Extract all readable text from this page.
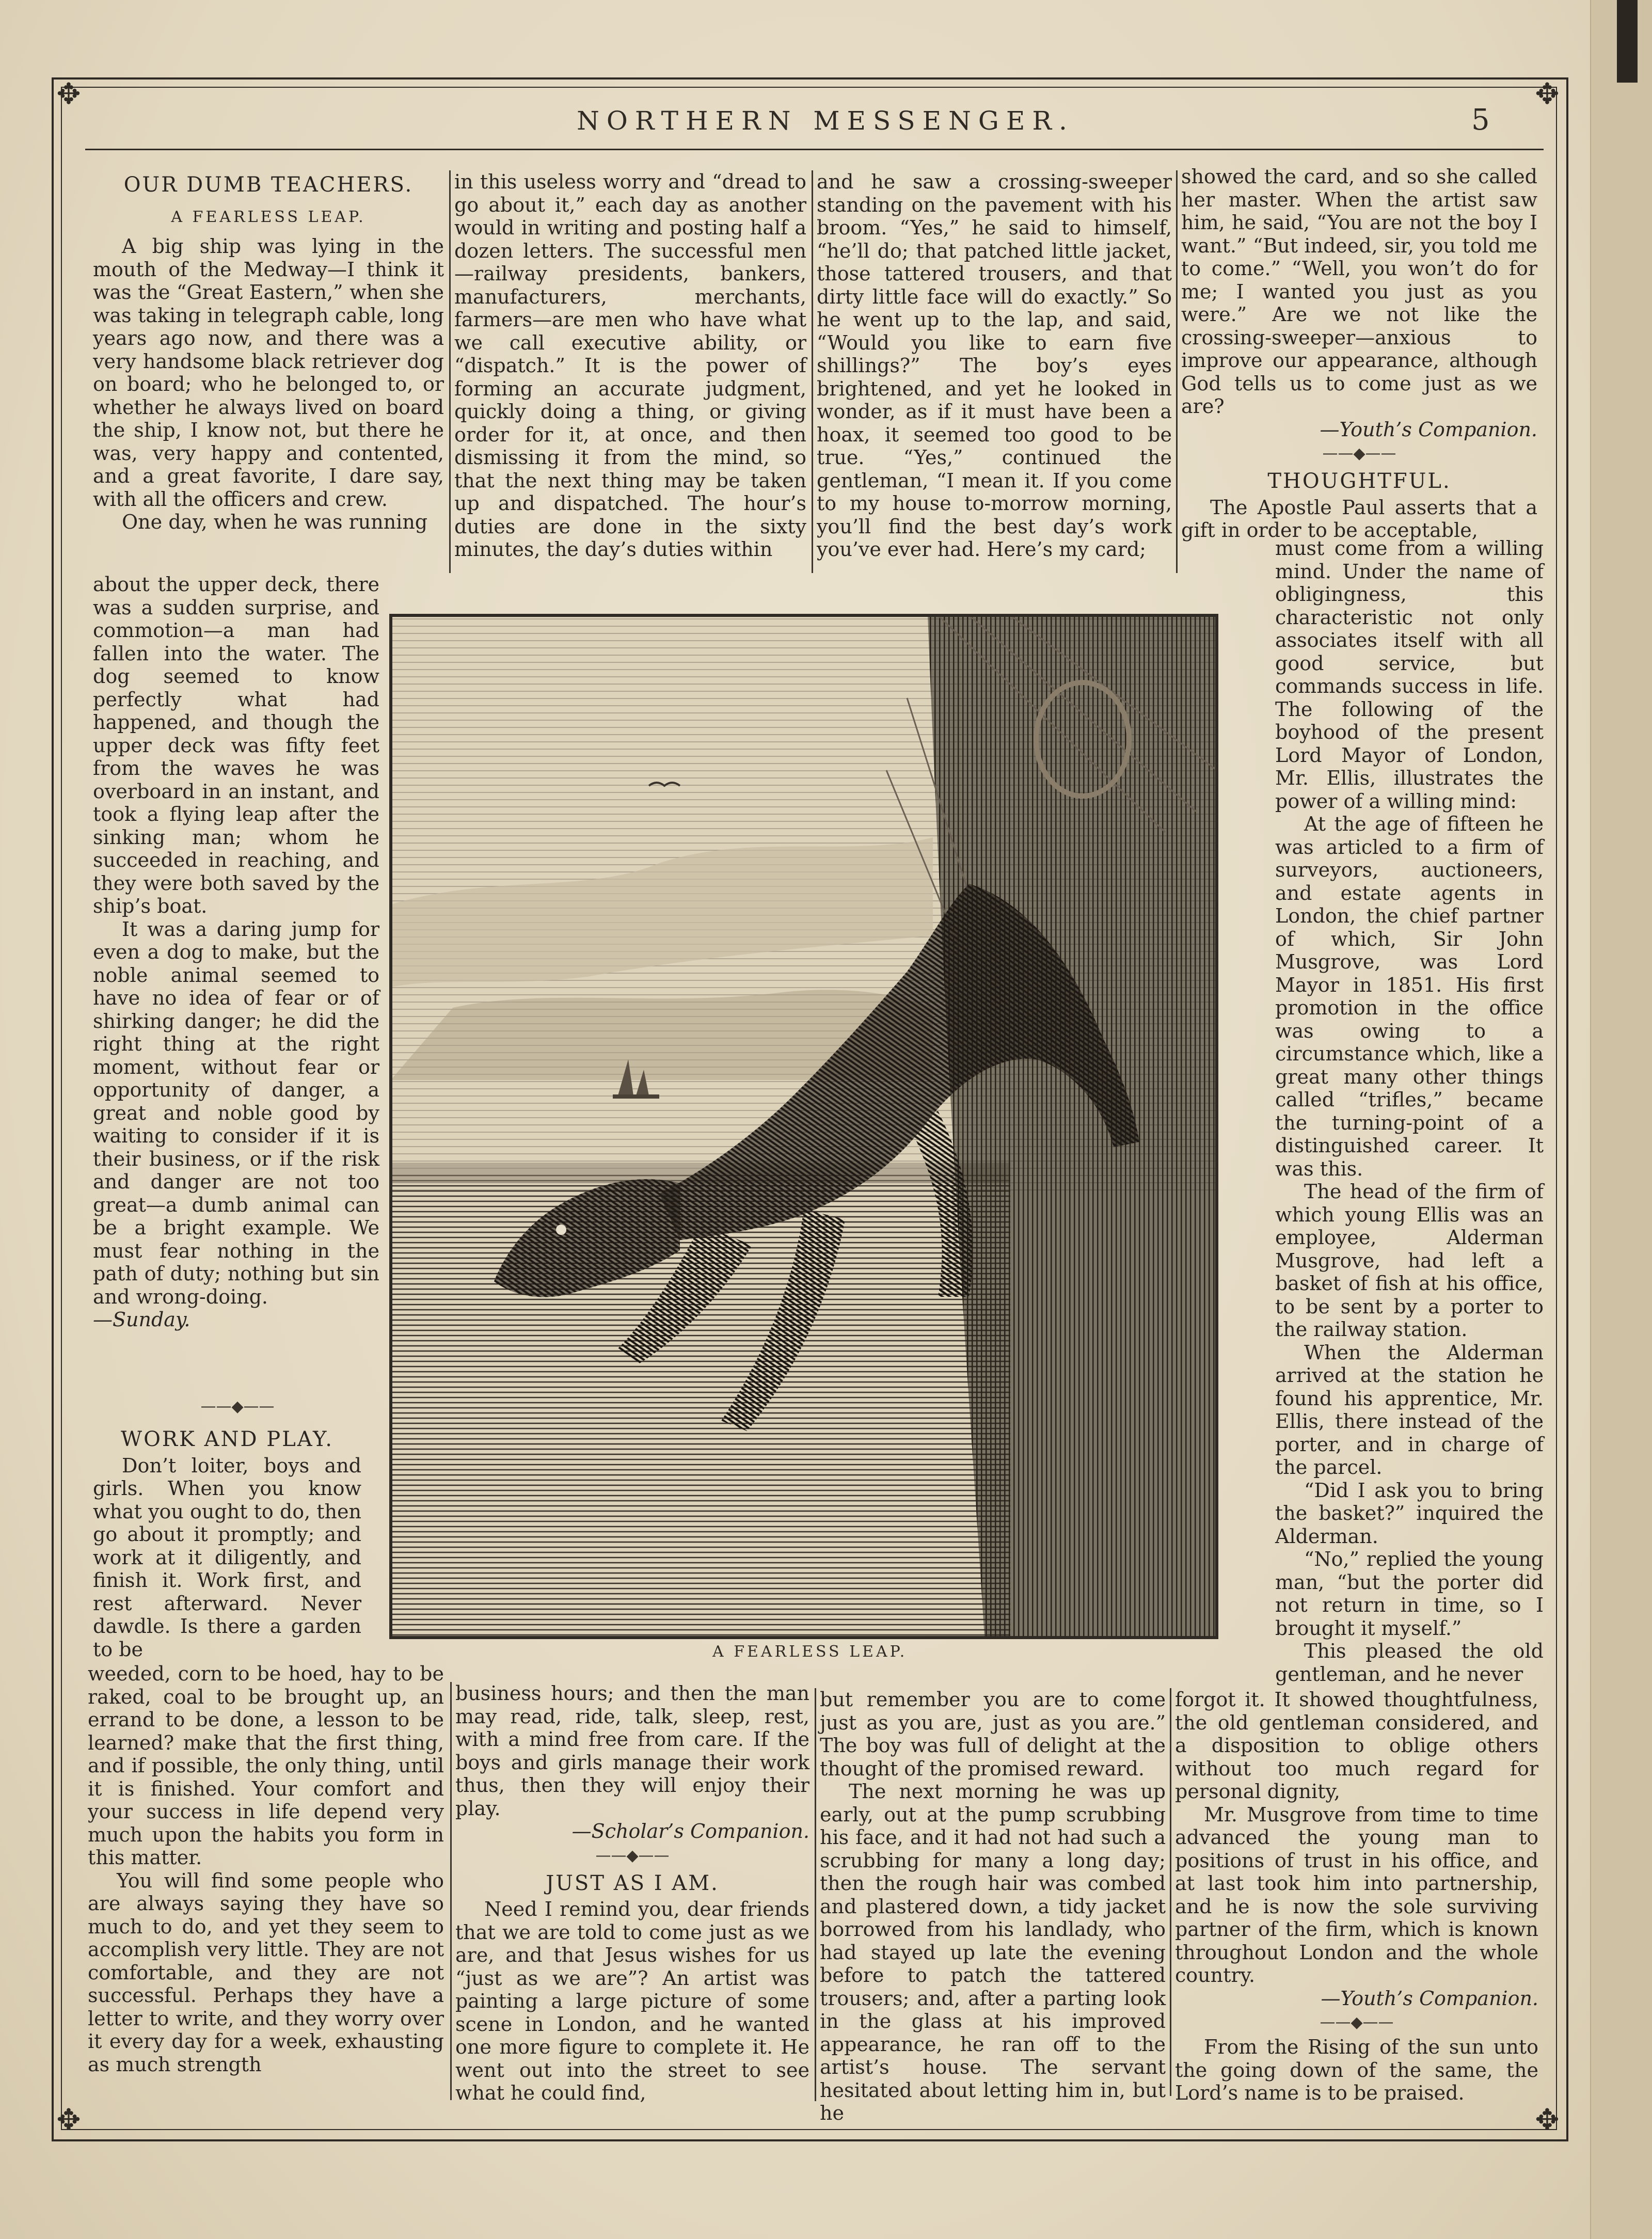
✥	✥
✥	✥
NORTHERN MESSENGER.	5
OUR DUMB TEACHERS.
A FEARLESS LEAP.

A big ship was lying in the mouth of the Medway—I think it was the “Great Eastern,” when she was taking in telegraph cable, long years ago now, and there was a very handsome black retriever dog on board; who he belonged to, or whether he always lived on board the ship, I know not, but there he was, very happy and contented, and a great favorite, I dare say, with all the officers and crew.

One day, when he was running

about the upper deck, there was a sudden surprise, and commotion—a man had fallen into the water. The dog seemed to know perfectly what had happened, and though the upper deck was fifty feet from the waves he was overboard in an instant, and took a flying leap after the sinking man; whom he succeeded in reaching, and they were both saved by the ship’s boat.

It was a daring jump for even a dog to make, but the noble animal seemed to have no idea of fear or of shirking danger; he did the right thing at the right moment, without fear or opportunity of danger, a great and noble good by waiting to consider if it is their business, or if the risk and danger are not too great—a dumb animal can be a bright example. We must fear nothing in the path of duty; nothing but sin and wrong-doing.

—Sunday.

——◆——
WORK AND PLAY.

Don’t loiter, boys and girls. When you know what you ought to do, then go about it promptly; and work at it diligently, and finish it. Work first, and rest afterward. Never dawdle. Is there a garden to be

weeded, corn to be hoed, hay to be raked, coal to be brought up, an errand to be done, a lesson to be learned? make that the first thing, and if possible, the only thing, until it is finished. Your comfort and your success in life depend very much upon the habits you form in this matter.

You will find some people who are always saying they have so much to do, and yet they seem to accomplish very little. They are not comfortable, and they are not successful. Perhaps they have a letter to write, and they worry over it every day for a week, exhausting as much strength

in this useless worry and “dread to go about it,” each day as another would in writing and posting half a dozen letters. The successful men—railway presidents, bankers, manufacturers, merchants, farmers—are men who have what we call executive ability, or “dispatch.” It is the power of forming an accurate judgment, quickly doing a thing, or giving order for it, at once, and then dismissing it from the mind, so that the next thing may be taken up and dispatched. The hour’s duties are done in the sixty minutes, the day’s duties within

business hours; and then the man may read, ride, talk, sleep, rest, with a mind free from care. If the boys and girls manage their work thus, then they will enjoy their play.

—Scholar’s Companion.

——◆——
JUST AS I AM.

Need I remind you, dear friends that we are told to come just as we are, and that Jesus wishes for us “just as we are”? An artist was painting a large picture of some scene in London, and he wanted one more figure to complete it. He went out into the street to see what he could find,

and he saw a crossing-sweeper standing on the pavement with his broom. “Yes,” he said to himself, “he’ll do; that patched little jacket, those tattered trousers, and that dirty little face will do exactly.” So he went up to the lap, and said, “Would you like to earn five shillings?” The boy’s eyes brightened, and yet he looked in wonder, as if it must have been a hoax, it seemed too good to be true. “Yes,” continued the gentleman, “I mean it. If you come to my house to-morrow morning, you’ll find the best day’s work you’ve ever had. Here’s my card;

but remember you are to come just as you are, just as you are.” The boy was full of delight at the thought of the promised reward.

The next morning he was up early, out at the pump scrubbing his face, and it had not had such a scrubbing for many a long day; then the rough hair was combed and plastered down, a tidy jacket borrowed from his landlady, who had stayed up late the evening before to patch the tattered trousers; and, after a parting look in the glass at his improved appearance, he ran off to the artist’s house. The servant hesitated about letting him in, but he

showed the card, and so she called her master. When the artist saw him, he said, “You are not the boy I want.” “But indeed, sir, you told me to come.” “Well, you won’t do for me; I wanted you just as you were.” Are we not like the crossing-sweeper—anxious to improve our appearance, although God tells us to come just as we are?

—Youth’s Companion.

——◆——
THOUGHTFUL.

The Apostle Paul asserts that a gift in order to be acceptable,

must come from a willing mind. Under the name of obligingness, this characteristic not only associates itself with all good service, but commands success in life. The following of the boyhood of the present Lord Mayor of London, Mr. Ellis, illustrates the power of a willing mind:

At the age of fifteen he was articled to a firm of surveyors, auctioneers, and estate agents in London, the chief partner of which, Sir John Musgrove, was Lord Mayor in 1851. His first promotion in the office was owing to a circumstance which, like a great many other things called “trifles,” became the turning-point of a distinguished career. It was this.

The head of the firm of which young Ellis was an employee, Alderman Musgrove, had left a basket of fish at his office, to be sent by a porter to the railway station.

When the Alderman arrived at the station he found his apprentice, Mr. Ellis, there instead of the porter, and in charge of the parcel.

“Did I ask you to bring the basket?” inquired the Alderman.

“No,” replied the young man, “but the porter did not return in time, so I brought it myself.”

This pleased the old gentleman, and he never

forgot it. It showed thoughtfulness, the old gentleman considered, and a disposition to oblige others without too much regard for personal dignity,

Mr. Musgrove from time to time advanced the young man to positions of trust in his office, and at last took him into partnership, and he is now the sole surviving partner of the firm, which is known throughout London and the whole country.

—Youth’s Companion.

——◆——

From the Rising of the sun unto the going down of the same, the Lord’s name is to be praised.

A FEARLESS LEAP.
